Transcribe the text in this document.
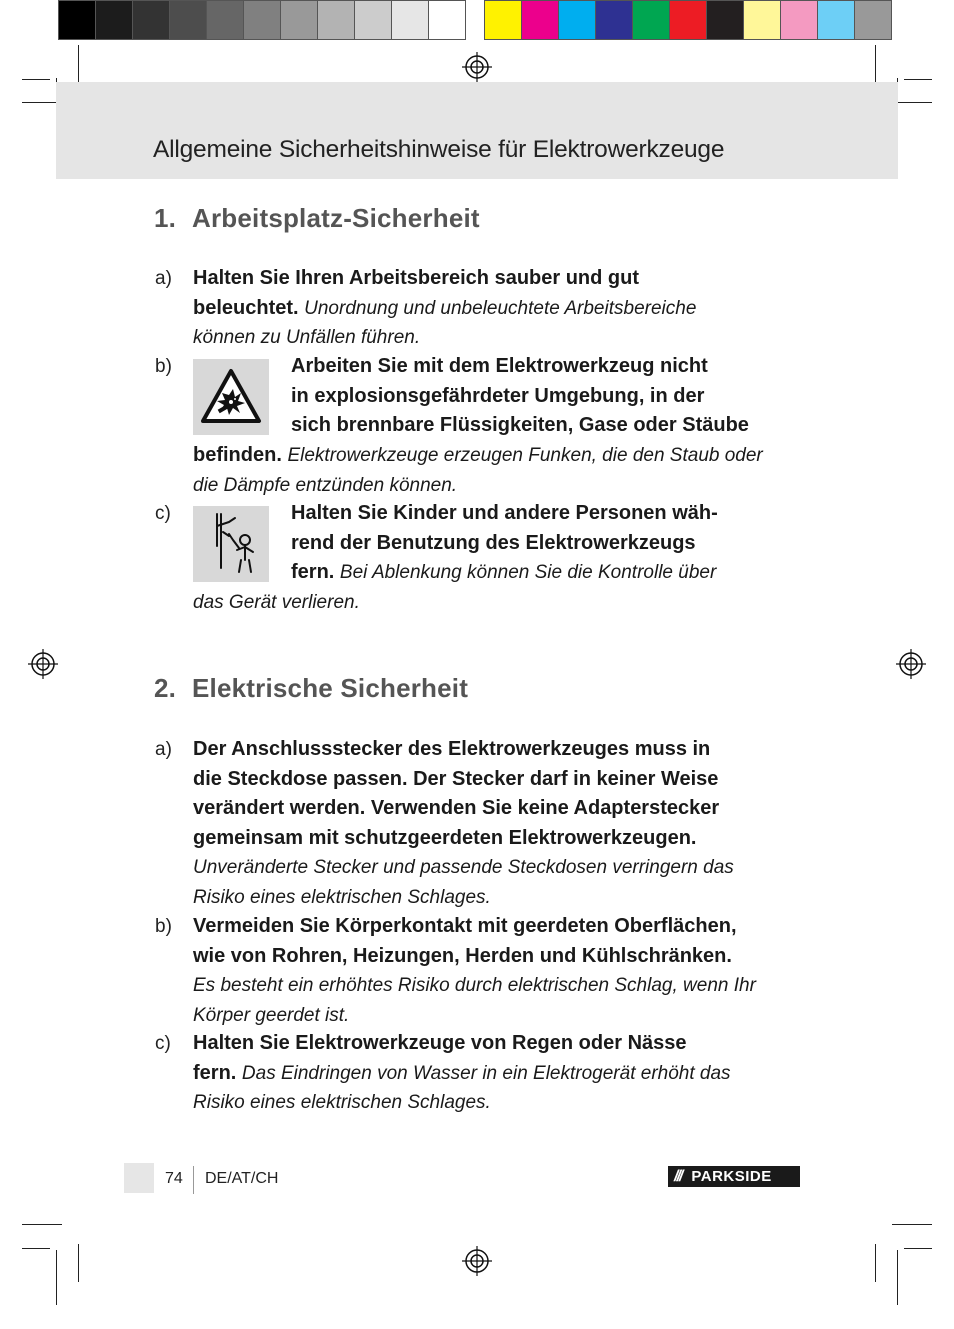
Allgemeine Sicherheitshinweise für Elektrowerkzeuge
1. Arbeitsplatz-Sicherheit
a) Halten Sie Ihren Arbeitsbereich sauber und gut
beleuchtet. Unordnung und unbeleuchtete Arbeitsbereiche
können zu Unfällen führen.
b)	Arbeiten Sie mit dem Elektrowerkzeug nicht
in explosionsgefährdeter Umgebung, in der
sich brennbare Flüssigkeiten, Gase oder Stäube
befinden. Elektrowerkzeuge erzeugen Funken, die den Staub oder
die Dämpfe entzünden können.
c)	Halten Sie Kinder und andere Personen wäh-
rend der Benutzung des Elektrowerkzeugs
fern. Bei Ablenkung können Sie die Kontrolle über
das Gerät verlieren.
2. Elektrische Sicherheit
a) Der Anschlussstecker des Elektrowerkzeuges muss in
die Steckdose passen. Der Stecker darf in keiner Weise
verändert werden. Verwenden Sie keine Adapterstecker
gemeinsam mit schutzgeerdeten Elektrowerkzeugen.
Unveränderte Stecker und passende Steckdosen verringern das
Risiko eines elektrischen Schlages.
b) Vermeiden Sie Körperkontakt mit geerdeten Oberflächen,
wie von Rohren, Heizungen, Herden und Kühlschränken.
Es besteht ein erhöhtes Risiko durch elektrischen Schlag, wenn Ihr
Körper geerdet ist.
c) Halten Sie Elektrowerkzeuge von Regen oder Nässe
fern. Das Eindringen von Wasser in ein Elektrogerät erhöht das
Risiko eines elektrischen Schlages.
74 DE/AT/CH	/// PARKSIDE
